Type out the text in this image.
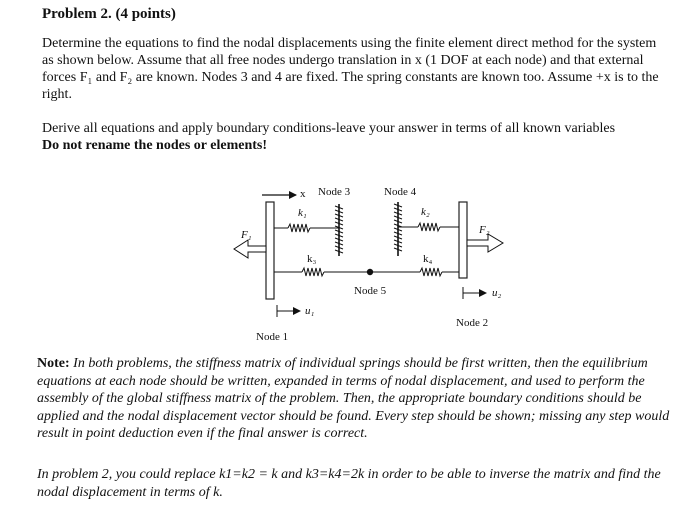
Problem 2. (4 points)
Determine the equations to find the nodal displacements using the finite element direct method for the system as shown below. Assume that all free nodes undergo translation in x (1 DOF at each node) and that external forces F₁ and F₂ are known. Nodes 3 and 4 are fixed. The spring constants are known too. Assume +x is to the right.
Derive all equations and apply boundary conditions-leave your answer in terms of all known variables
Do not rename the nodes or elements!
x Node 3	Node 4
k₁	k₂
k₃	k₄
Node 5
F₁	F₂
u₁
Node 1
u₂
Node 2
Note: In both problems, the stiffness matrix of individual springs should be first written, then the equilibrium equations at each node should be written, expanded in terms of nodal displacement, and used to perform the assembly of the global stiffness matrix of the problem. Then, the appropriate boundary conditions should be applied and the nodal displacement vector should be found. Every step should be shown; missing any step would result in point deduction even if the final answer is correct.
In problem 2, you could replace k1=k2 = k and k3=k4=2k in order to be able to inverse the matrix and find the nodal displacement in terms of k.
